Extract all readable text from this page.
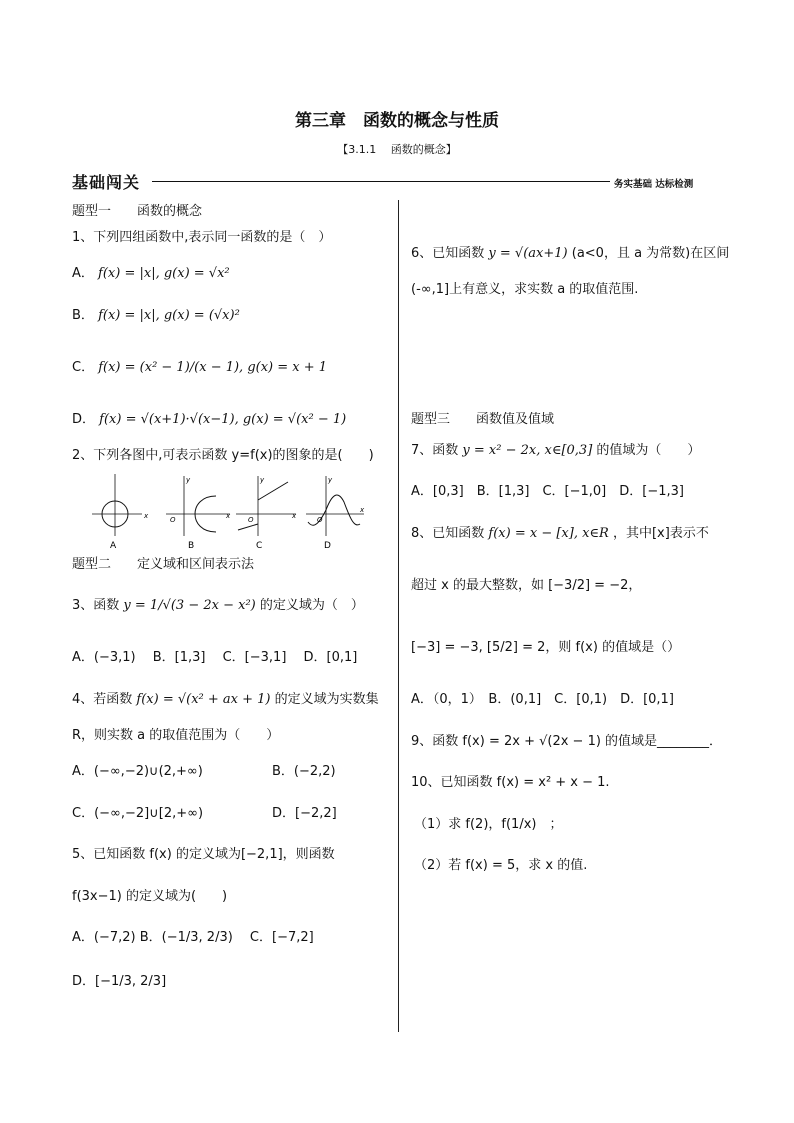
第三章　函数的概念与性质
【3.1.1　 函数的概念】
基础闯关	务实基础 达标检测
题型一　　函数的概念
1、下列四组函数中,表示同一函数的是（　）
A． f(x) = |x|, g(x) = √x²
B． f(x) = |x|, g(x) = (√x)²
C． f(x) = (x² − 1)/(x − 1), g(x) = x + 1
D． f(x) = √(x+1)·√(x−1), g(x) = √(x² − 1)
2、下列各图中,可表示函数 y=f(x)的图象的是(　　)
x
A
O	x
y
B
O	x
y
C
O
x
y
D
题型二　　定义域和区间表示法
3、函数 y = 1/√(3 − 2x − x²) 的定义域为（　）
A．(−3,1)　 B．[1,3]　 C．[−3,1]　 D．[0,1]
4、若函数 f(x) = √(x² + ax + 1) 的定义域为实数集
R，则实数 a 的取值范围为（　　）
A．(−∞,−2)∪(2,+∞)	B．(−2,2)
C．(−∞,−2]∪[2,+∞)	D．[−2,2]
5、已知函数 f(x) 的定义域为[−2,1]，则函数
f(3x−1) 的定义域为(　　)
A．(−7,2) B．(−1/3, 2/3)　 C．[−7,2]
D．[−1/3, 2/3]
6、已知函数 y = √(ax+1) (a<0，且 a 为常数)在区间
(-∞,1]上有意义，求实数 a 的取值范围.
题型三　　函数值及值域
7、函数 y = x² − 2x, x∈[0,3] 的值域为（　　）
A．[0,3]　B．[1,3]　C．[−1,0]　D．[−1,3]
8、已知函数 f(x) = x − [x], x∈R ，其中[x]表示不
超过 x 的最大整数，如 [−3/2] = −2，
[−3] = −3, [5/2] = 2，则 f(x) 的值域是（）
A．（0，1）　B．(0,1]　C．[0,1)　D．[0,1]
9、函数 f(x) = 2x + √(2x − 1) 的值域是________．
10、已知函数 f(x) = x² + x − 1.
（1）求 f(2)，f(1/x)　；
（2）若 f(x) = 5，求 x 的值.
